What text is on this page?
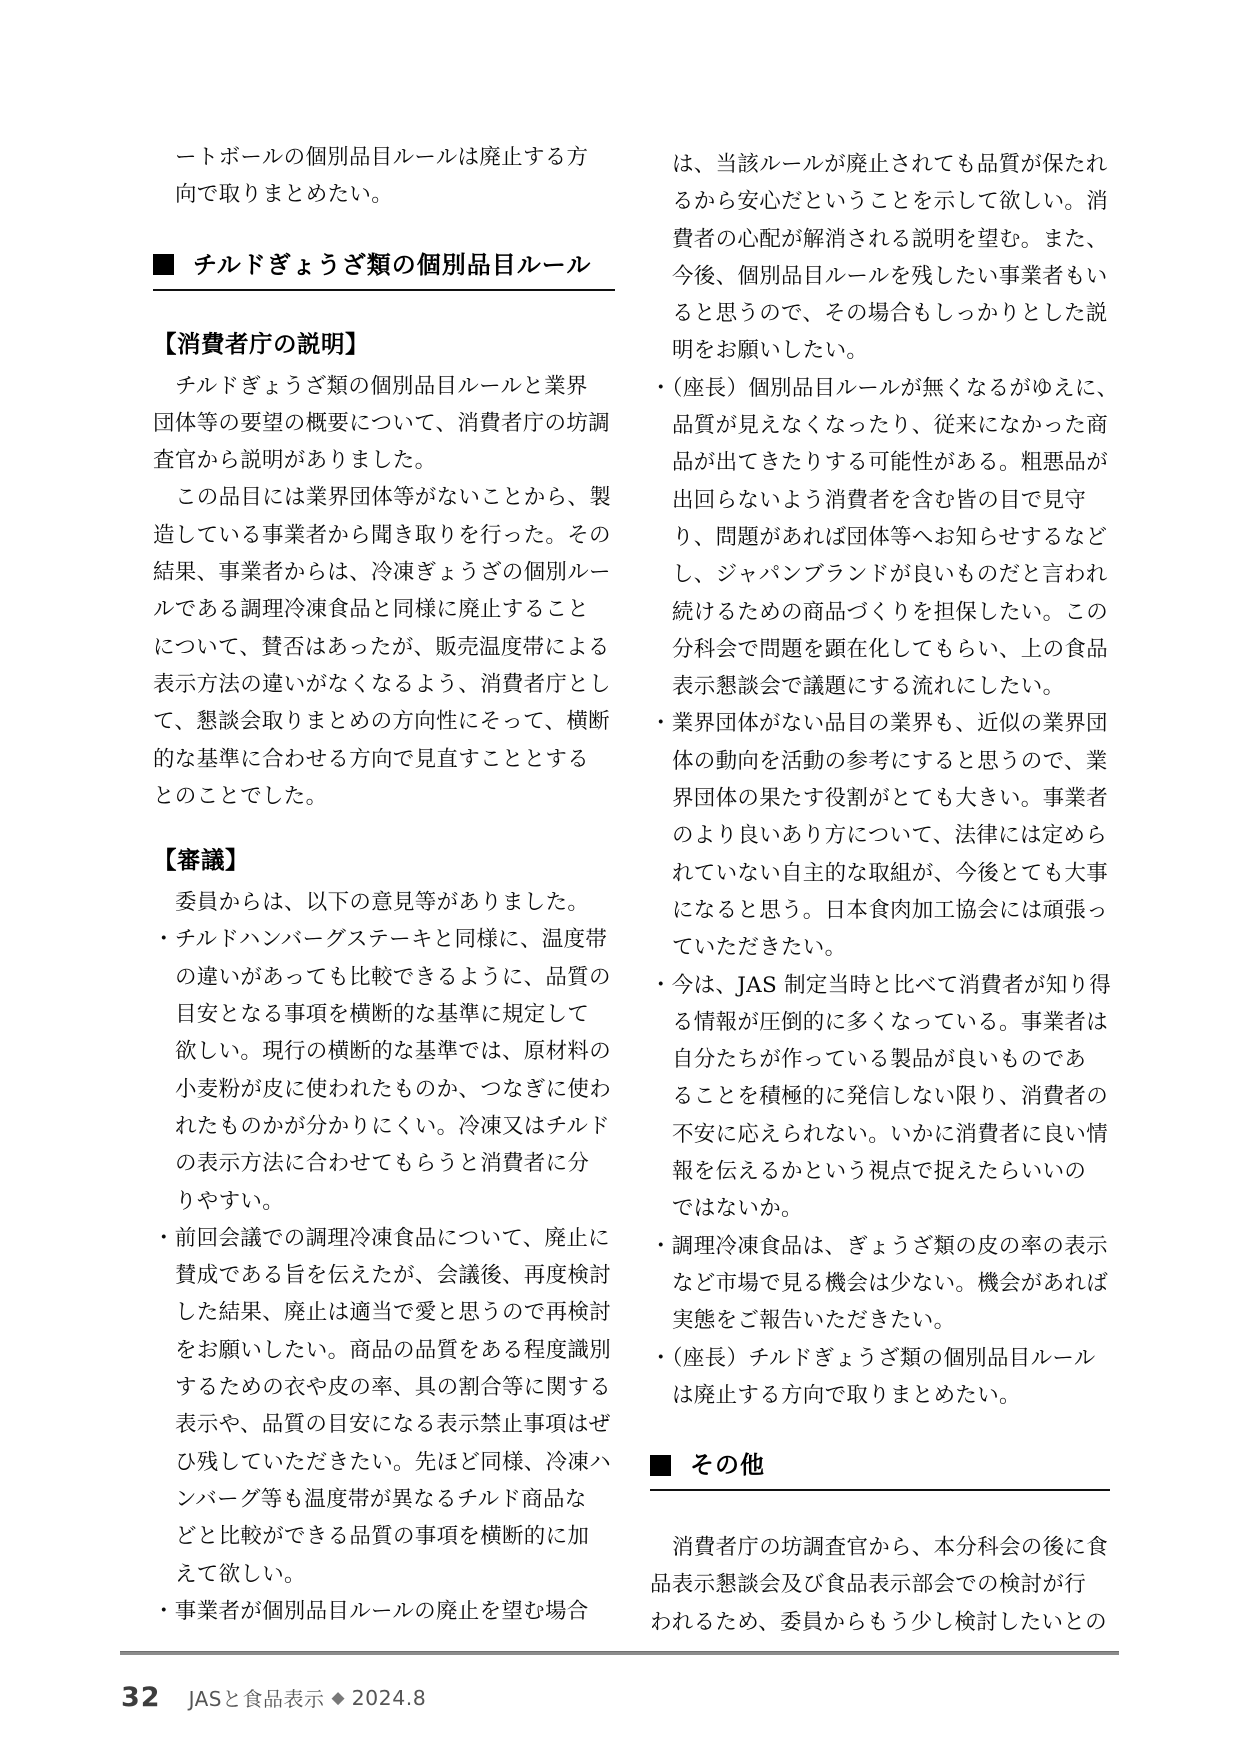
ートボールの個別品目ルールは廃止する方
向で取りまとめたい。
チルドぎょうざ類の個別品目ルール
【消費者庁の説明】
チルドぎょうざ類の個別品目ルールと業界
団体等の要望の概要について、消費者庁の坊調
査官から説明がありました。
この品目には業界団体等がないことから、製
造している事業者から聞き取りを行った。その
結果、事業者からは、冷凍ぎょうざの個別ルー
ルである調理冷凍食品と同様に廃止すること
について、賛否はあったが、販売温度帯による
表示方法の違いがなくなるよう、消費者庁とし
て、懇談会取りまとめの方向性にそって、横断
的な基準に合わせる方向で見直すこととする
とのことでした。
【審議】
委員からは、以下の意見等がありました。
・チルドハンバーグステーキと同様に、温度帯
の違いがあっても比較できるように、品質の
目安となる事項を横断的な基準に規定して
欲しい。現行の横断的な基準では、原材料の
小麦粉が皮に使われたものか、つなぎに使わ
れたものかが分かりにくい。冷凍又はチルド
の表示方法に合わせてもらうと消費者に分
りやすい。
・前回会議での調理冷凍食品について、廃止に
賛成である旨を伝えたが、会議後、再度検討
した結果、廃止は適当で愛と思うので再検討
をお願いしたい。商品の品質をある程度識別
するための衣や皮の率、具の割合等に関する
表示や、品質の目安になる表示禁止事項はぜ
ひ残していただきたい。先ほど同様、冷凍ハ
ンバーグ等も温度帯が異なるチルド商品な
どと比較ができる品質の事項を横断的に加
えて欲しい。
・事業者が個別品目ルールの廃止を望む場合
は、当該ルールが廃止されても品質が保たれ
るから安心だということを示して欲しい。消
費者の心配が解消される説明を望む。また、
今後、個別品目ルールを残したい事業者もい
ると思うので、その場合もしっかりとした説
明をお願いしたい。
・（座長）個別品目ルールが無くなるがゆえに、
品質が見えなくなったり、従来になかった商
品が出てきたりする可能性がある。粗悪品が
出回らないよう消費者を含む皆の目で見守
り、問題があれば団体等へお知らせするなど
し、ジャパンブランドが良いものだと言われ
続けるための商品づくりを担保したい。この
分科会で問題を顕在化してもらい、上の食品
表示懇談会で議題にする流れにしたい。
・業界団体がない品目の業界も、近似の業界団
体の動向を活動の参考にすると思うので、業
界団体の果たす役割がとても大きい。事業者
のより良いあり方について、法律には定めら
れていない自主的な取組が、今後とても大事
になると思う。日本食肉加工協会には頑張っ
ていただきたい。
・今は、JAS 制定当時と比べて消費者が知り得
る情報が圧倒的に多くなっている。事業者は
自分たちが作っている製品が良いものであ
ることを積極的に発信しない限り、消費者の
不安に応えられない。いかに消費者に良い情
報を伝えるかという視点で捉えたらいいの
ではないか。
・調理冷凍食品は、ぎょうざ類の皮の率の表示
など市場で見る機会は少ない。機会があれば
実態をご報告いただきたい。
・（座長）チルドぎょうざ類の個別品目ルール
は廃止する方向で取りまとめたい。
その他
消費者庁の坊調査官から、本分科会の後に食
品表示懇談会及び食品表示部会での検討が行
われるため、委員からもう少し検討したいとの
32 JASと食品表示 ◆ 2024.8
